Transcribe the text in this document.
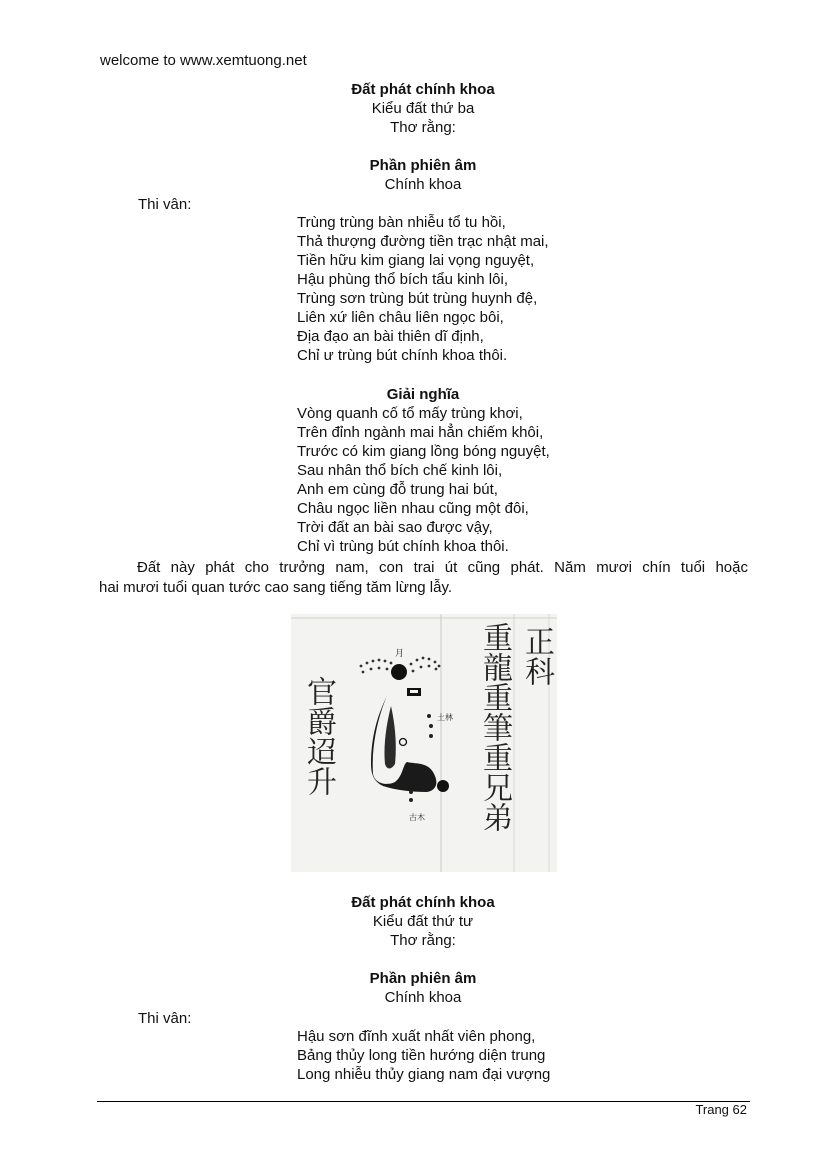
welcome to www.xemtuong.net
Đất phát chính khoa
Kiểu đất thứ ba
Thơ rằng:
Phần phiên âm
Chính khoa
Thi vân:
Trùng trùng bàn nhiễu tổ tu hồi,
Thả thượng đường tiền trạc nhật mai,
Tiền hữu kim giang lai vọng nguyệt,
Hậu phùng thổ bích tẩu kinh lôi,
Trùng sơn trùng bút trùng huynh đệ,
Liên xứ liên châu liên ngọc bôi,
Địa đạo an bài thiên dĩ định,
Chỉ ư trùng bút chính khoa thôi.
Giải nghĩa
Vòng quanh cố tổ mấy trùng khơi,
Trên đỉnh ngành mai hẳn chiếm khôi,
Trước có kim giang lồng bóng nguyệt,
Sau nhân thổ bích chế kinh lôi,
Anh em cùng đỗ trung hai bút,
Châu ngọc liền nhau cũng một đôi,
Trời đất an bài sao được vậy,
Chỉ vì trùng bút chính khoa thôi.
Đất này phát cho trưởng nam, con trai út cũng phát. Năm mươi chín tuổi hoặc
hai mươi tuổi quan tước cao sang tiếng tăm lừng lẫy.
月
土 林
古 木
正科
重龍重筆重兄弟
官爵迢升
Đất phát chính khoa
Kiểu đất thứ tư
Thơ rằng:
Phần phiên âm
Chính khoa
Thi vân:
Hậu sơn đĩnh xuất nhất viên phong,
Bảng thủy long tiền hướng diện trung
Long nhiễu thủy giang nam đại vượng
Trang 62
